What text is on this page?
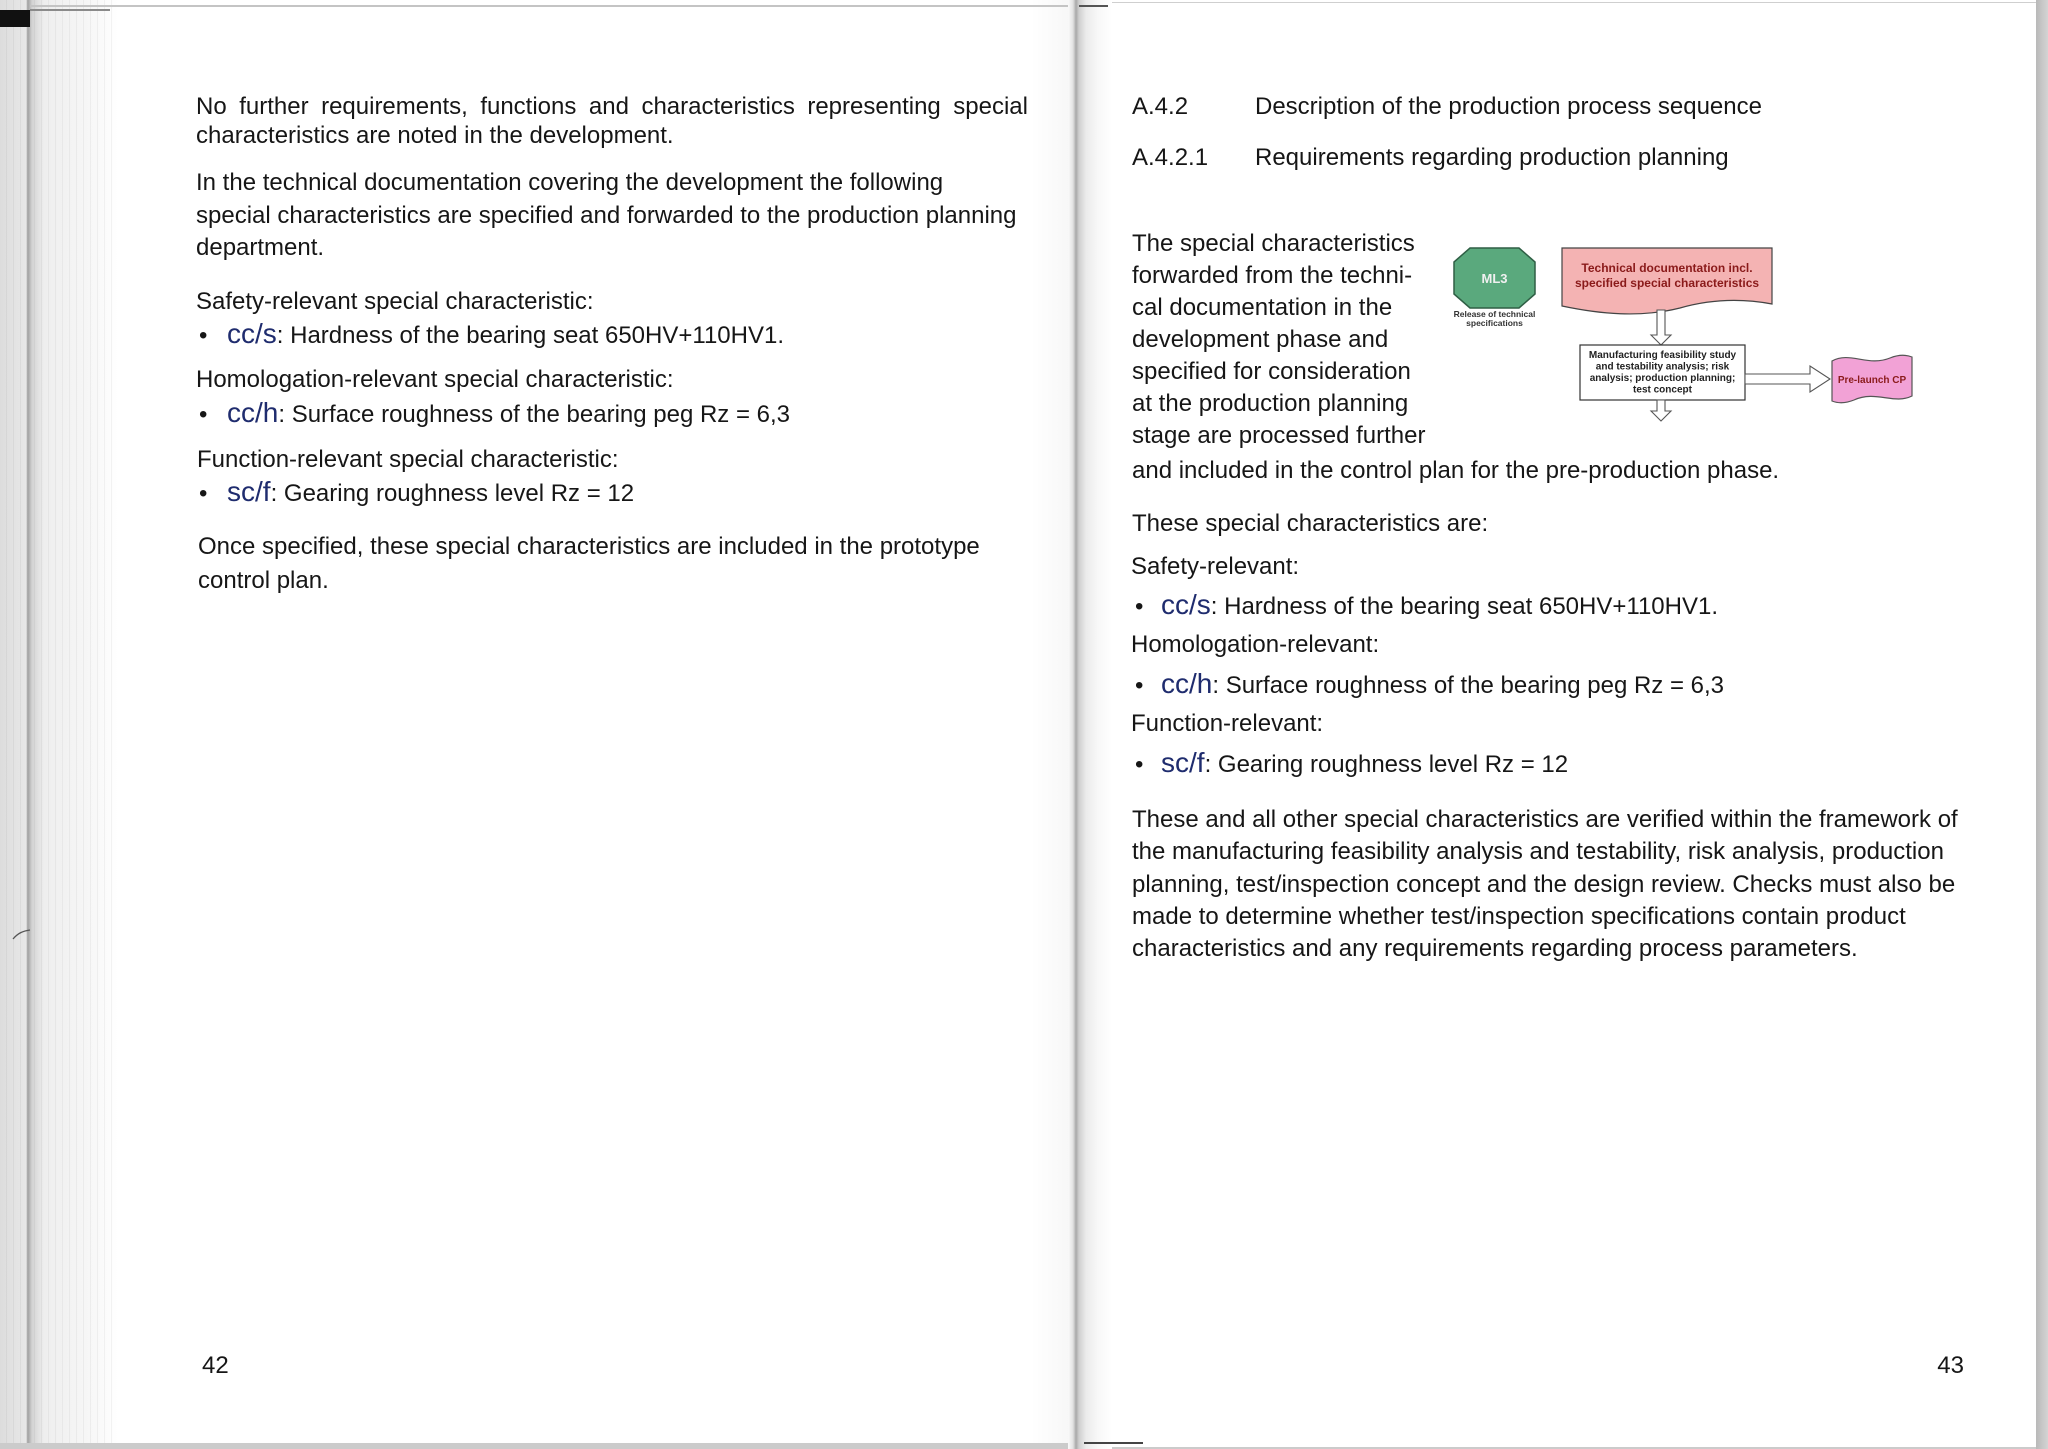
No further requirements, functions and characteristics representing special
characteristics are noted in the development.
In the technical documentation covering the development the following
special characteristics are specified and forwarded to the production planning
department.
Safety-relevant special characteristic:
• cc/s: Hardness of the bearing seat 650HV+110HV1.
Homologation-relevant special characteristic:
• cc/h: Surface roughness of the bearing peg Rz = 6,3
Function-relevant special characteristic:
• sc/f: Gearing roughness level Rz = 12
Once specified, these special characteristics are included in the prototype
control plan.
42
A.4.2	Description of the production process sequence
A.4.2.1 Requirements regarding production planning
The special characteristics
forwarded from the techni-
cal documentation in the
development phase and
specified for consideration
at the production planning
stage are processed further
and included in the control plan for the pre-production phase.
ML3
Release of technical
specifications
Technical documentation incl.
specified special characteristics
Manufacturing feasibility study
and testability analysis; risk
analysis; production planning;
test concept
Pre-launch CP
These special characteristics are:
Safety-relevant:
• cc/s: Hardness of the bearing seat 650HV+110HV1.
Homologation-relevant:
• cc/h: Surface roughness of the bearing peg Rz = 6,3
Function-relevant:
• sc/f: Gearing roughness level Rz = 12
These and all other special characteristics are verified within the framework of
the manufacturing feasibility analysis and testability, risk analysis, production
planning, test/inspection concept and the design review. Checks must also be
made to determine whether test/inspection specifications contain product
characteristics and any requirements regarding process parameters.
43
